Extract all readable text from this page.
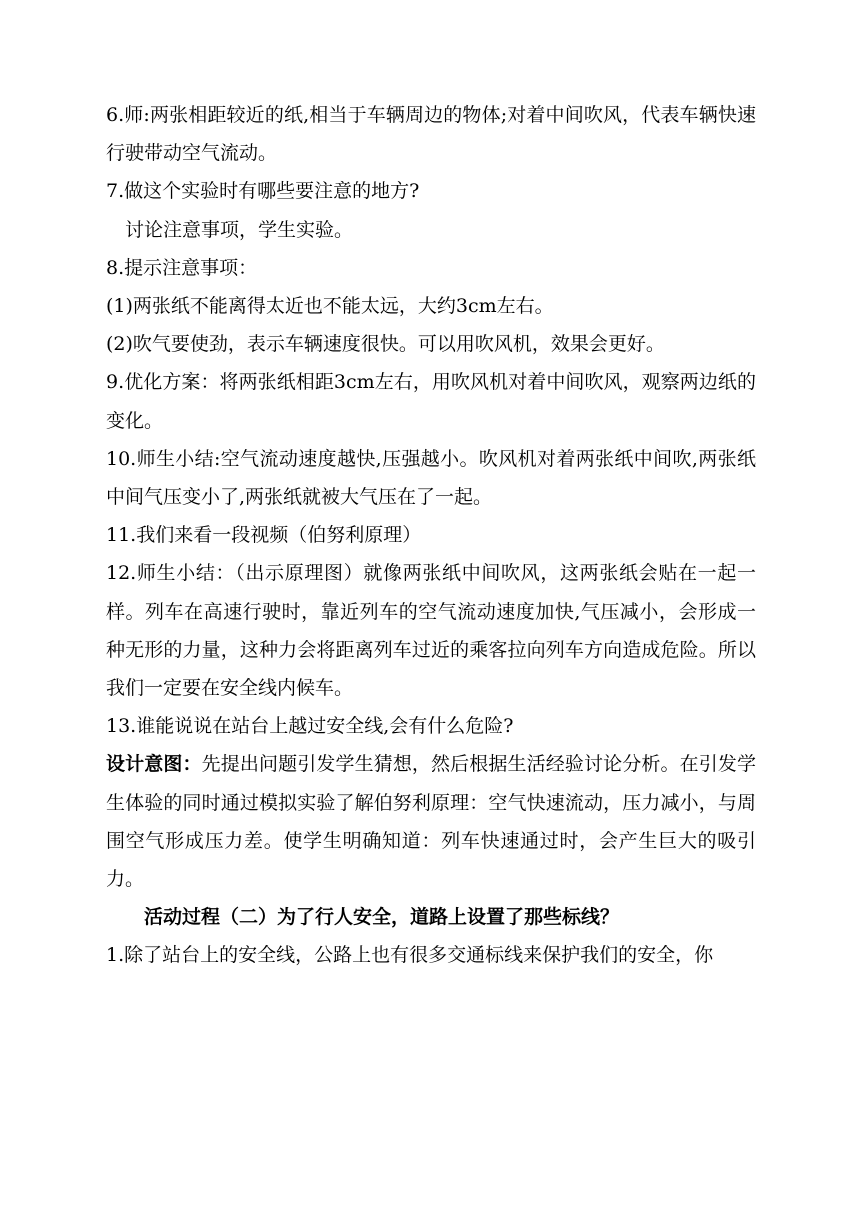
6.师:两张相距较近的纸,相当于车辆周边的物体;对着中间吹风，代表车辆快速行驶带动空气流动。

7.做这个实验时有哪些要注意的地方?

讨论注意事项，学生实验。

8.提示注意事项：

(1)两张纸不能离得太近也不能太远，大约3cm左右。

(2)吹气要使劲，表示车辆速度很快。可以用吹风机，效果会更好。

9.优化方案：将两张纸相距3cm左右，用吹风机对着中间吹风，观察两边纸的变化。

10.师生小结:空气流动速度越快,压强越小。吹风机对着两张纸中间吹,两张纸中间气压变小了,两张纸就被大气压在了一起。

11.我们来看一段视频（伯努利原理）

12.师生小结：（出示原理图）就像两张纸中间吹风，这两张纸会贴在一起一样。列车在高速行驶时，靠近列车的空气流动速度加快,气压减小，会形成一种无形的力量，这种力会将距离列车过近的乘客拉向列车方向造成危险。所以我们一定要在安全线内候车。

13.谁能说说在站台上越过安全线,会有什么危险?

设计意图：先提出问题引发学生猜想，然后根据生活经验讨论分析。在引发学生体验的同时通过模拟实验了解伯努利原理：空气快速流动，压力减小，与周围空气形成压力差。使学生明确知道：列车快速通过时，会产生巨大的吸引力。

活动过程（二）为了行人安全，道路上设置了那些标线？

1.除了站台上的安全线，公路上也有很多交通标线来保护我们的安全，你
